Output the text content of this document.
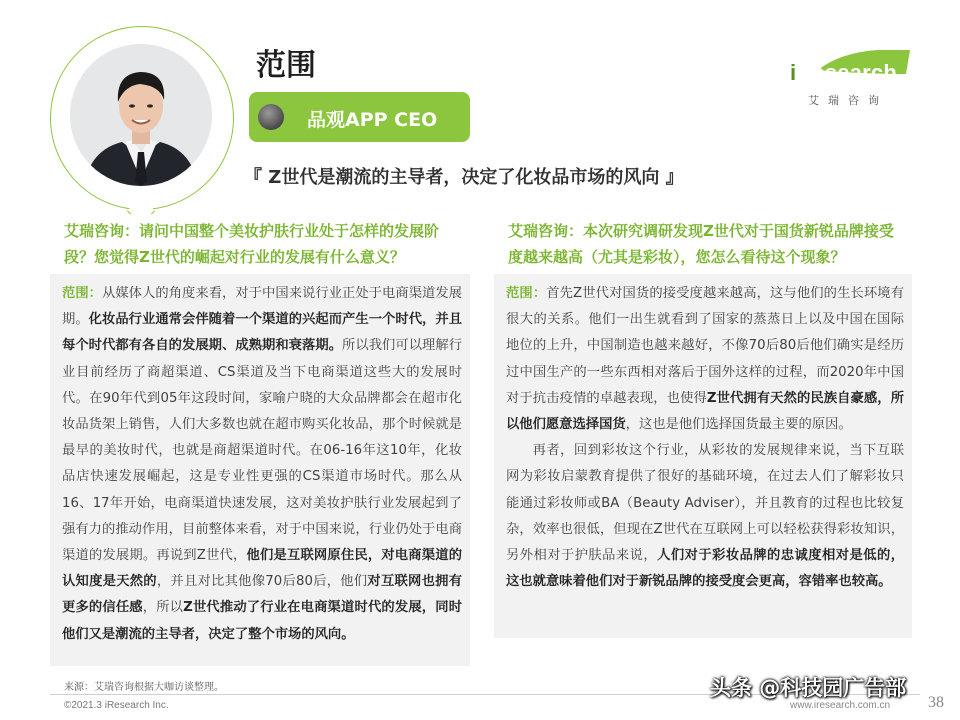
范围
品观APP CEO
iResearch
艾瑞咨询
『 Z世代是潮流的主导者，决定了化妆品市场的风向 』
艾瑞咨询：请问中国整个美妆护肤行业处于怎样的发展阶段？您觉得Z世代的崛起对行业的发展有什么意义？

范围：从媒体人的角度来看，对于中国来说行业正处于电商渠道发展期。化妆品行业通常会伴随着一个渠道的兴起而产生一个时代，并且每个时代都有各自的发展期、成熟期和衰落期。所以我们可以理解行业目前经历了商超渠道、CS渠道及当下电商渠道这些大的发展时代。在90年代到05年这段时间，家喻户晓的大众品牌都会在超市化妆品货架上销售，人们大多数也就在超市购买化妆品，那个时候就是最早的美妆时代，也就是商超渠道时代。在06-16年这10年，化妆品店快速发展崛起，这是专业性更强的CS渠道市场时代。那么从16、17年开始，电商渠道快速发展，这对美妆护肤行业发展起到了强有力的推动作用，目前整体来看，对于中国来说，行业仍处于电商渠道的发展期。再说到Z世代，他们是互联网原住民，对电商渠道的认知度是天然的，并且对比其他像70后80后，他们对互联网也拥有更多的信任感，所以Z世代推动了行业在电商渠道时代的发展，同时他们又是潮流的主导者，决定了整个市场的风向。

艾瑞咨询：本次研究调研发现Z世代对于国货新锐品牌接受度越来越高（尤其是彩妆），您怎么看待这个现象？

范围：首先Z世代对国货的接受度越来越高，这与他们的生长环境有很大的关系。他们一出生就看到了国家的蒸蒸日上以及中国在国际地位的上升，中国制造也越来越好，不像70后80后他们确实是经历过中国生产的一些东西相对落后于国外这样的过程，而2020年中国对于抗击疫情的卓越表现，也使得Z世代拥有天然的民族自豪感，所以他们愿意选择国货，这也是他们选择国货最主要的原因。

再者，回到彩妆这个行业，从彩妆的发展规律来说，当下互联网为彩妆启蒙教育提供了很好的基础环境，在过去人们了解彩妆只能通过彩妆师或BA（Beauty Adviser），并且教育的过程也比较复杂，效率也很低，但现在Z世代在互联网上可以轻松获得彩妆知识，另外相对于护肤品来说，人们对于彩妆品牌的忠诚度相对是低的，这也就意味着他们对于新锐品牌的接受度会更高，容错率也较高。

来源：艾瑞咨询根据大咖访谈整理。
©2021.3 iResearch Inc.	www.iresearch.com.cn 38
头条 @科技园广告部
